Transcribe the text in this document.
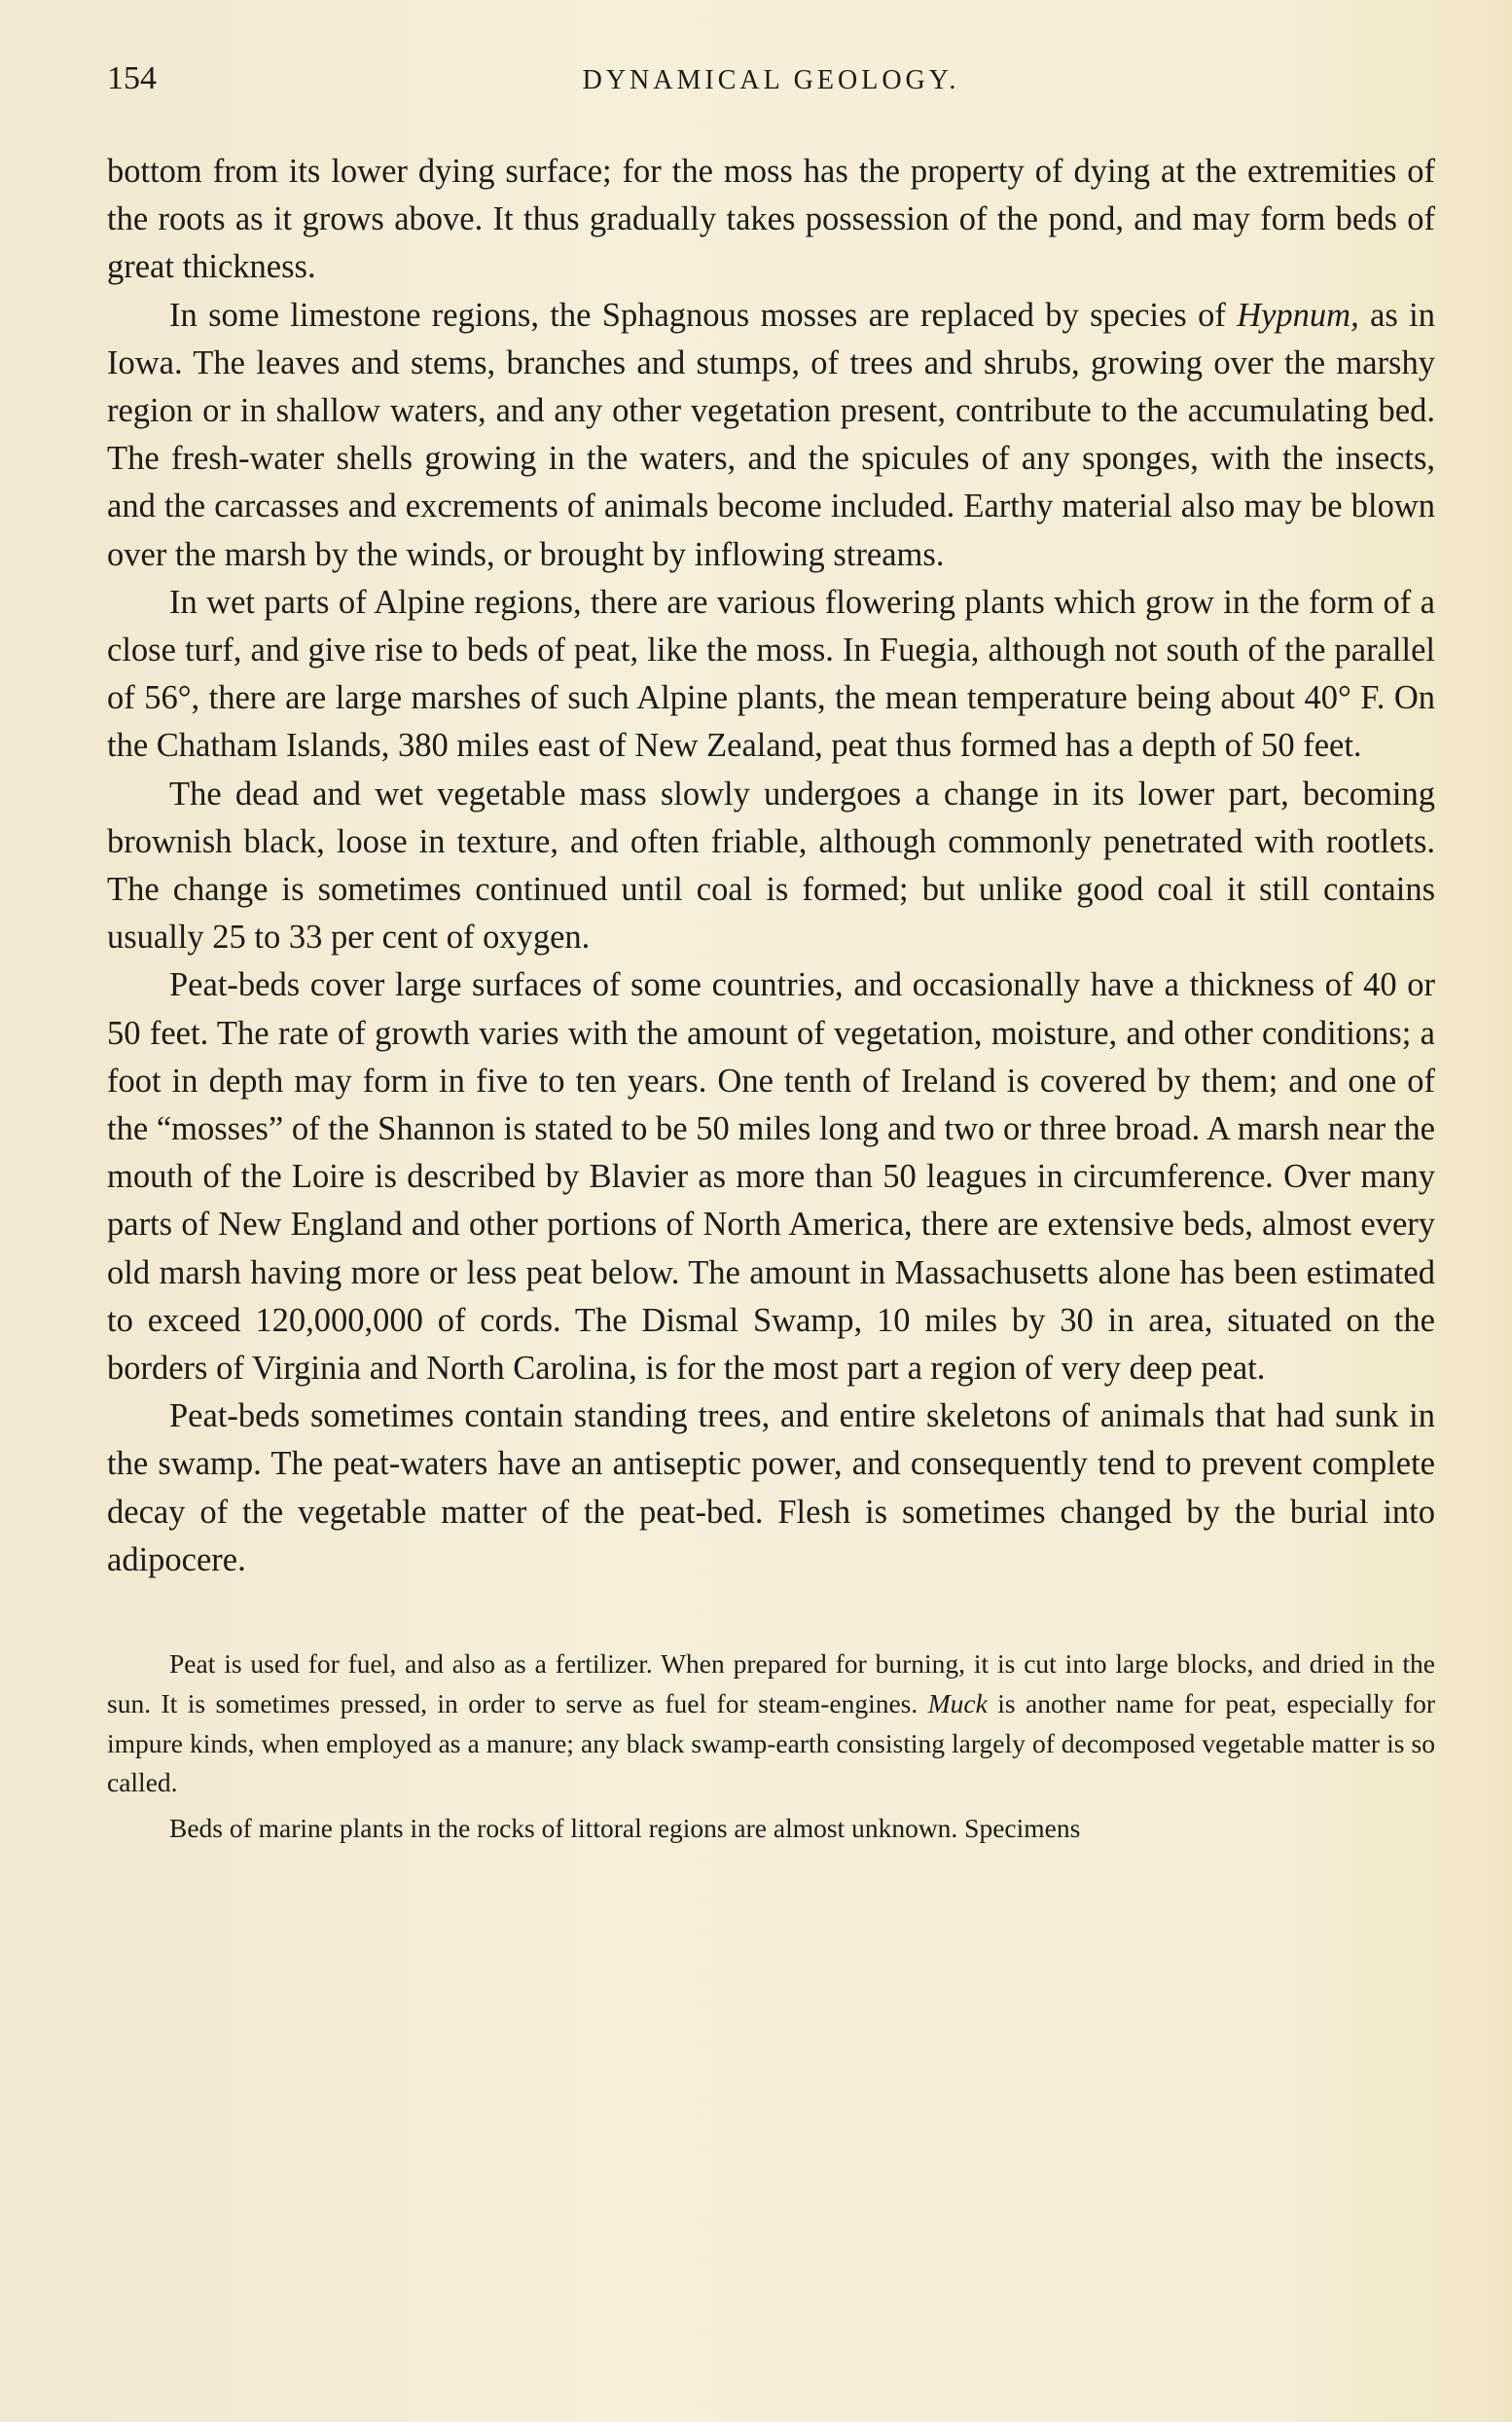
154	DYNAMICAL GEOLOGY.

bottom from its lower dying surface; for the moss has the property of dying at the extremities of the roots as it grows above. It thus gradually takes possession of the pond, and may form beds of great thickness.

In some limestone regions, the Sphagnous mosses are replaced by species of Hypnum, as in Iowa. The leaves and stems, branches and stumps, of trees and shrubs, growing over the marshy region or in shallow waters, and any other vegetation present, contribute to the accumulating bed. The fresh-water shells growing in the waters, and the spicules of any sponges, with the insects, and the carcasses and excrements of animals become included. Earthy material also may be blown over the marsh by the winds, or brought by inflowing streams.

In wet parts of Alpine regions, there are various flowering plants which grow in the form of a close turf, and give rise to beds of peat, like the moss. In Fuegia, although not south of the parallel of 56°, there are large marshes of such Alpine plants, the mean temperature being about 40° F. On the Chatham Islands, 380 miles east of New Zealand, peat thus formed has a depth of 50 feet.

The dead and wet vegetable mass slowly undergoes a change in its lower part, becoming brownish black, loose in texture, and often friable, although commonly penetrated with rootlets. The change is sometimes continued until coal is formed; but unlike good coal it still contains usually 25 to 33 per cent of oxygen.

Peat-beds cover large surfaces of some countries, and occasionally have a thickness of 40 or 50 feet. The rate of growth varies with the amount of vegetation, moisture, and other conditions; a foot in depth may form in five to ten years. One tenth of Ireland is covered by them; and one of the “mosses” of the Shannon is stated to be 50 miles long and two or three broad. A marsh near the mouth of the Loire is described by Blavier as more than 50 leagues in circumference. Over many parts of New England and other portions of North America, there are extensive beds, almost every old marsh having more or less peat below. The amount in Massachusetts alone has been estimated to exceed 120,000,000 of cords. The Dismal Swamp, 10 miles by 30 in area, situated on the borders of Virginia and North Carolina, is for the most part a region of very deep peat.

Peat-beds sometimes contain standing trees, and entire skeletons of animals that had sunk in the swamp. The peat-waters have an antiseptic power, and consequently tend to prevent complete decay of the vegetable matter of the peat-bed. Flesh is sometimes changed by the burial into adipocere.

Peat is used for fuel, and also as a fertilizer. When prepared for burning, it is cut into large blocks, and dried in the sun. It is sometimes pressed, in order to serve as fuel for steam-engines. Muck is another name for peat, especially for impure kinds, when employed as a manure; any black swamp-earth consisting largely of decomposed vegetable matter is so called.

Beds of marine plants in the rocks of littoral regions are almost unknown. Specimens
